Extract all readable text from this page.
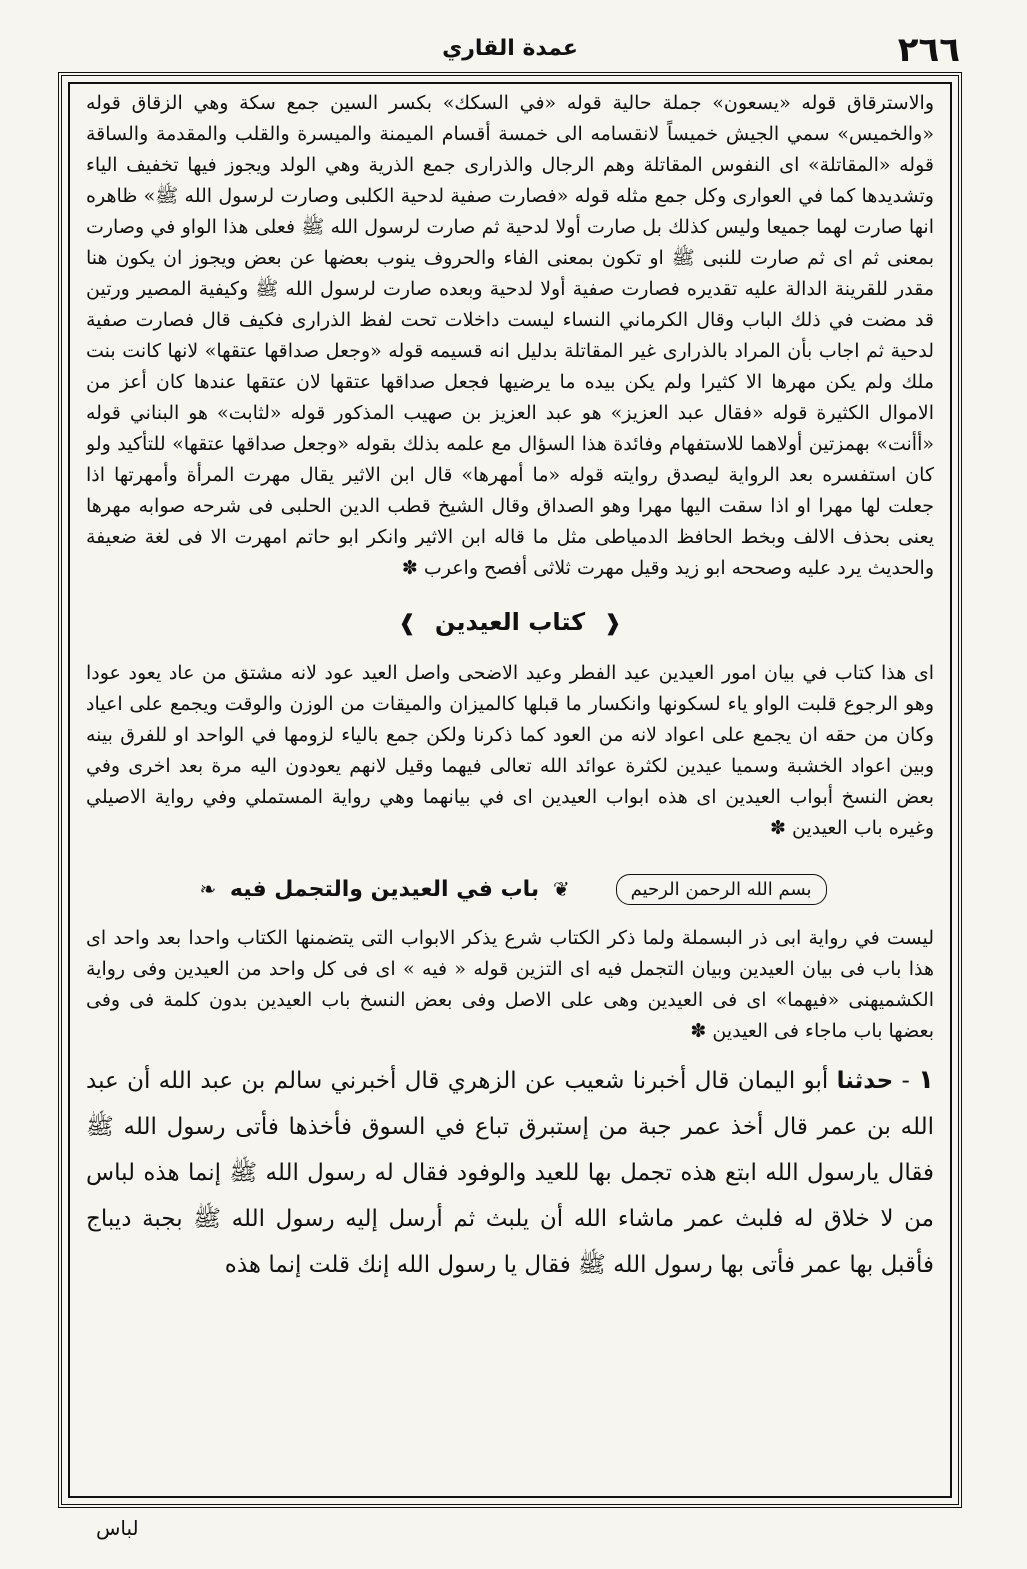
٢٦٦
عمدة القاري

والاسترقاق قوله «يسعون» جملة حالية قوله «في السكك» بكسر السين جمع سكة وهي الزقاق قوله «والخميس» سمي الجيش خميساً لانقسامه الى خمسة أقسام الميمنة والميسرة والقلب والمقدمة والساقة قوله «المقاتلة» اى النفوس المقاتلة وهم الرجال والذرارى جمع الذرية وهي الولد ويجوز فيها تخفيف الياء وتشديدها كما في العوارى وكل جمع مثله قوله «فصارت صفية لدحية الكلبى وصارت لرسول الله ﷺ» ظاهره انها صارت لهما جميعا وليس كذلك بل صارت أولا لدحية ثم صارت لرسول الله ﷺ فعلى هذا الواو في وصارت بمعنى ثم اى ثم صارت للنبى ﷺ او تكون بمعنى الفاء والحروف ينوب بعضها عن بعض ويجوز ان يكون هنا مقدر للقرينة الدالة عليه تقديره فصارت صفية أولا لدحية وبعده صارت لرسول الله ﷺ وكيفية المصير ورتين قد مضت في ذلك الباب وقال الكرماني النساء ليست داخلات تحت لفظ الذرارى فكيف قال فصارت صفية لدحية ثم اجاب بأن المراد بالذرارى غير المقاتلة بدليل انه قسيمه قوله «وجعل صداقها عتقها» لانها كانت بنت ملك ولم يكن مهرها الا كثيرا ولم يكن بيده ما يرضيها فجعل صداقها عتقها لان عتقها عندها كان أعز من الاموال الكثيرة قوله «فقال عبد العزيز» هو عبد العزيز بن صهيب المذكور قوله «لثابت» هو البناني قوله «أأنت» بهمزتين أولاهما للاستفهام وفائدة هذا السؤال مع علمه بذلك بقوله «وجعل صداقها عتقها» للتأكيد ولو كان استفسره بعد الرواية ليصدق روايته قوله «ما أمهرها» قال ابن الاثير يقال مهرت المرأة وأمهرتها اذا جعلت لها مهرا او اذا سقت اليها مهرا وهو الصداق وقال الشيخ قطب الدين الحلبى فى شرحه صوابه مهرها يعنى بحذف الالف وبخط الحافظ الدمياطى مثل ما قاله ابن الاثير وانكر ابو حاتم امهرت الا فى لغة ضعيفة والحديث يرد عليه وصححه ابو زيد وقيل مهرت ثلاثى أفصح واعرب ✽

❰ كتاب العيدين ❱

اى هذا كتاب في بيان امور العيدين عيد الفطر وعيد الاضحى واصل العيد عود لانه مشتق من عاد يعود عودا وهو الرجوع قلبت الواو ياء لسكونها وانكسار ما قبلها كالميزان والميقات من الوزن والوقت ويجمع على اعياد وكان من حقه ان يجمع على اعواد لانه من العود كما ذكرنا ولكن جمع بالياء لزومها في الواحد او للفرق بينه وبين اعواد الخشبة وسميا عيدين لكثرة عوائد الله تعالى فيهما وقيل لانهم يعودون اليه مرة بعد اخرى وفي بعض النسخ أبواب العيدين اى هذه ابواب العيدين اى في بيانهما وهي رواية المستملي وفي رواية الاصيلي وغيره باب العيدين ✽

بسم الله الرحمن الرحيم
❦ باب في العيدين والتجمل فيه ❧

ليست في رواية ابى ذر البسملة ولما ذكر الكتاب شرع يذكر الابواب التى يتضمنها الكتاب واحدا بعد واحد اى هذا باب فى بيان العيدين وبيان التجمل فيه اى التزين قوله « فيه » اى فى كل واحد من العيدين وفى رواية الكشميهنى «فيهما» اى فى العيدين وهى على الاصل وفى بعض النسخ باب العيدين بدون كلمة فى وفى بعضها باب ماجاء فى العيدين ✽

١ - حدثنا أبو اليمان قال أخبرنا شعيب عن الزهري قال أخبرني سالم بن عبد الله أن عبد الله بن عمر قال أخذ عمر جبة من إستبرق تباع في السوق فأخذها فأتى رسول الله ﷺ فقال يارسول الله ابتع هذه تجمل بها للعيد والوفود فقال له رسول الله ﷺ إنما هذه لباس من لا خلاق له فلبث عمر ماشاء الله أن يلبث ثم أرسل إليه رسول الله ﷺ بجبة ديباج فأقبل بها عمر فأتى بها رسول الله ﷺ فقال يا رسول الله إنك قلت إنما هذه

لباس
